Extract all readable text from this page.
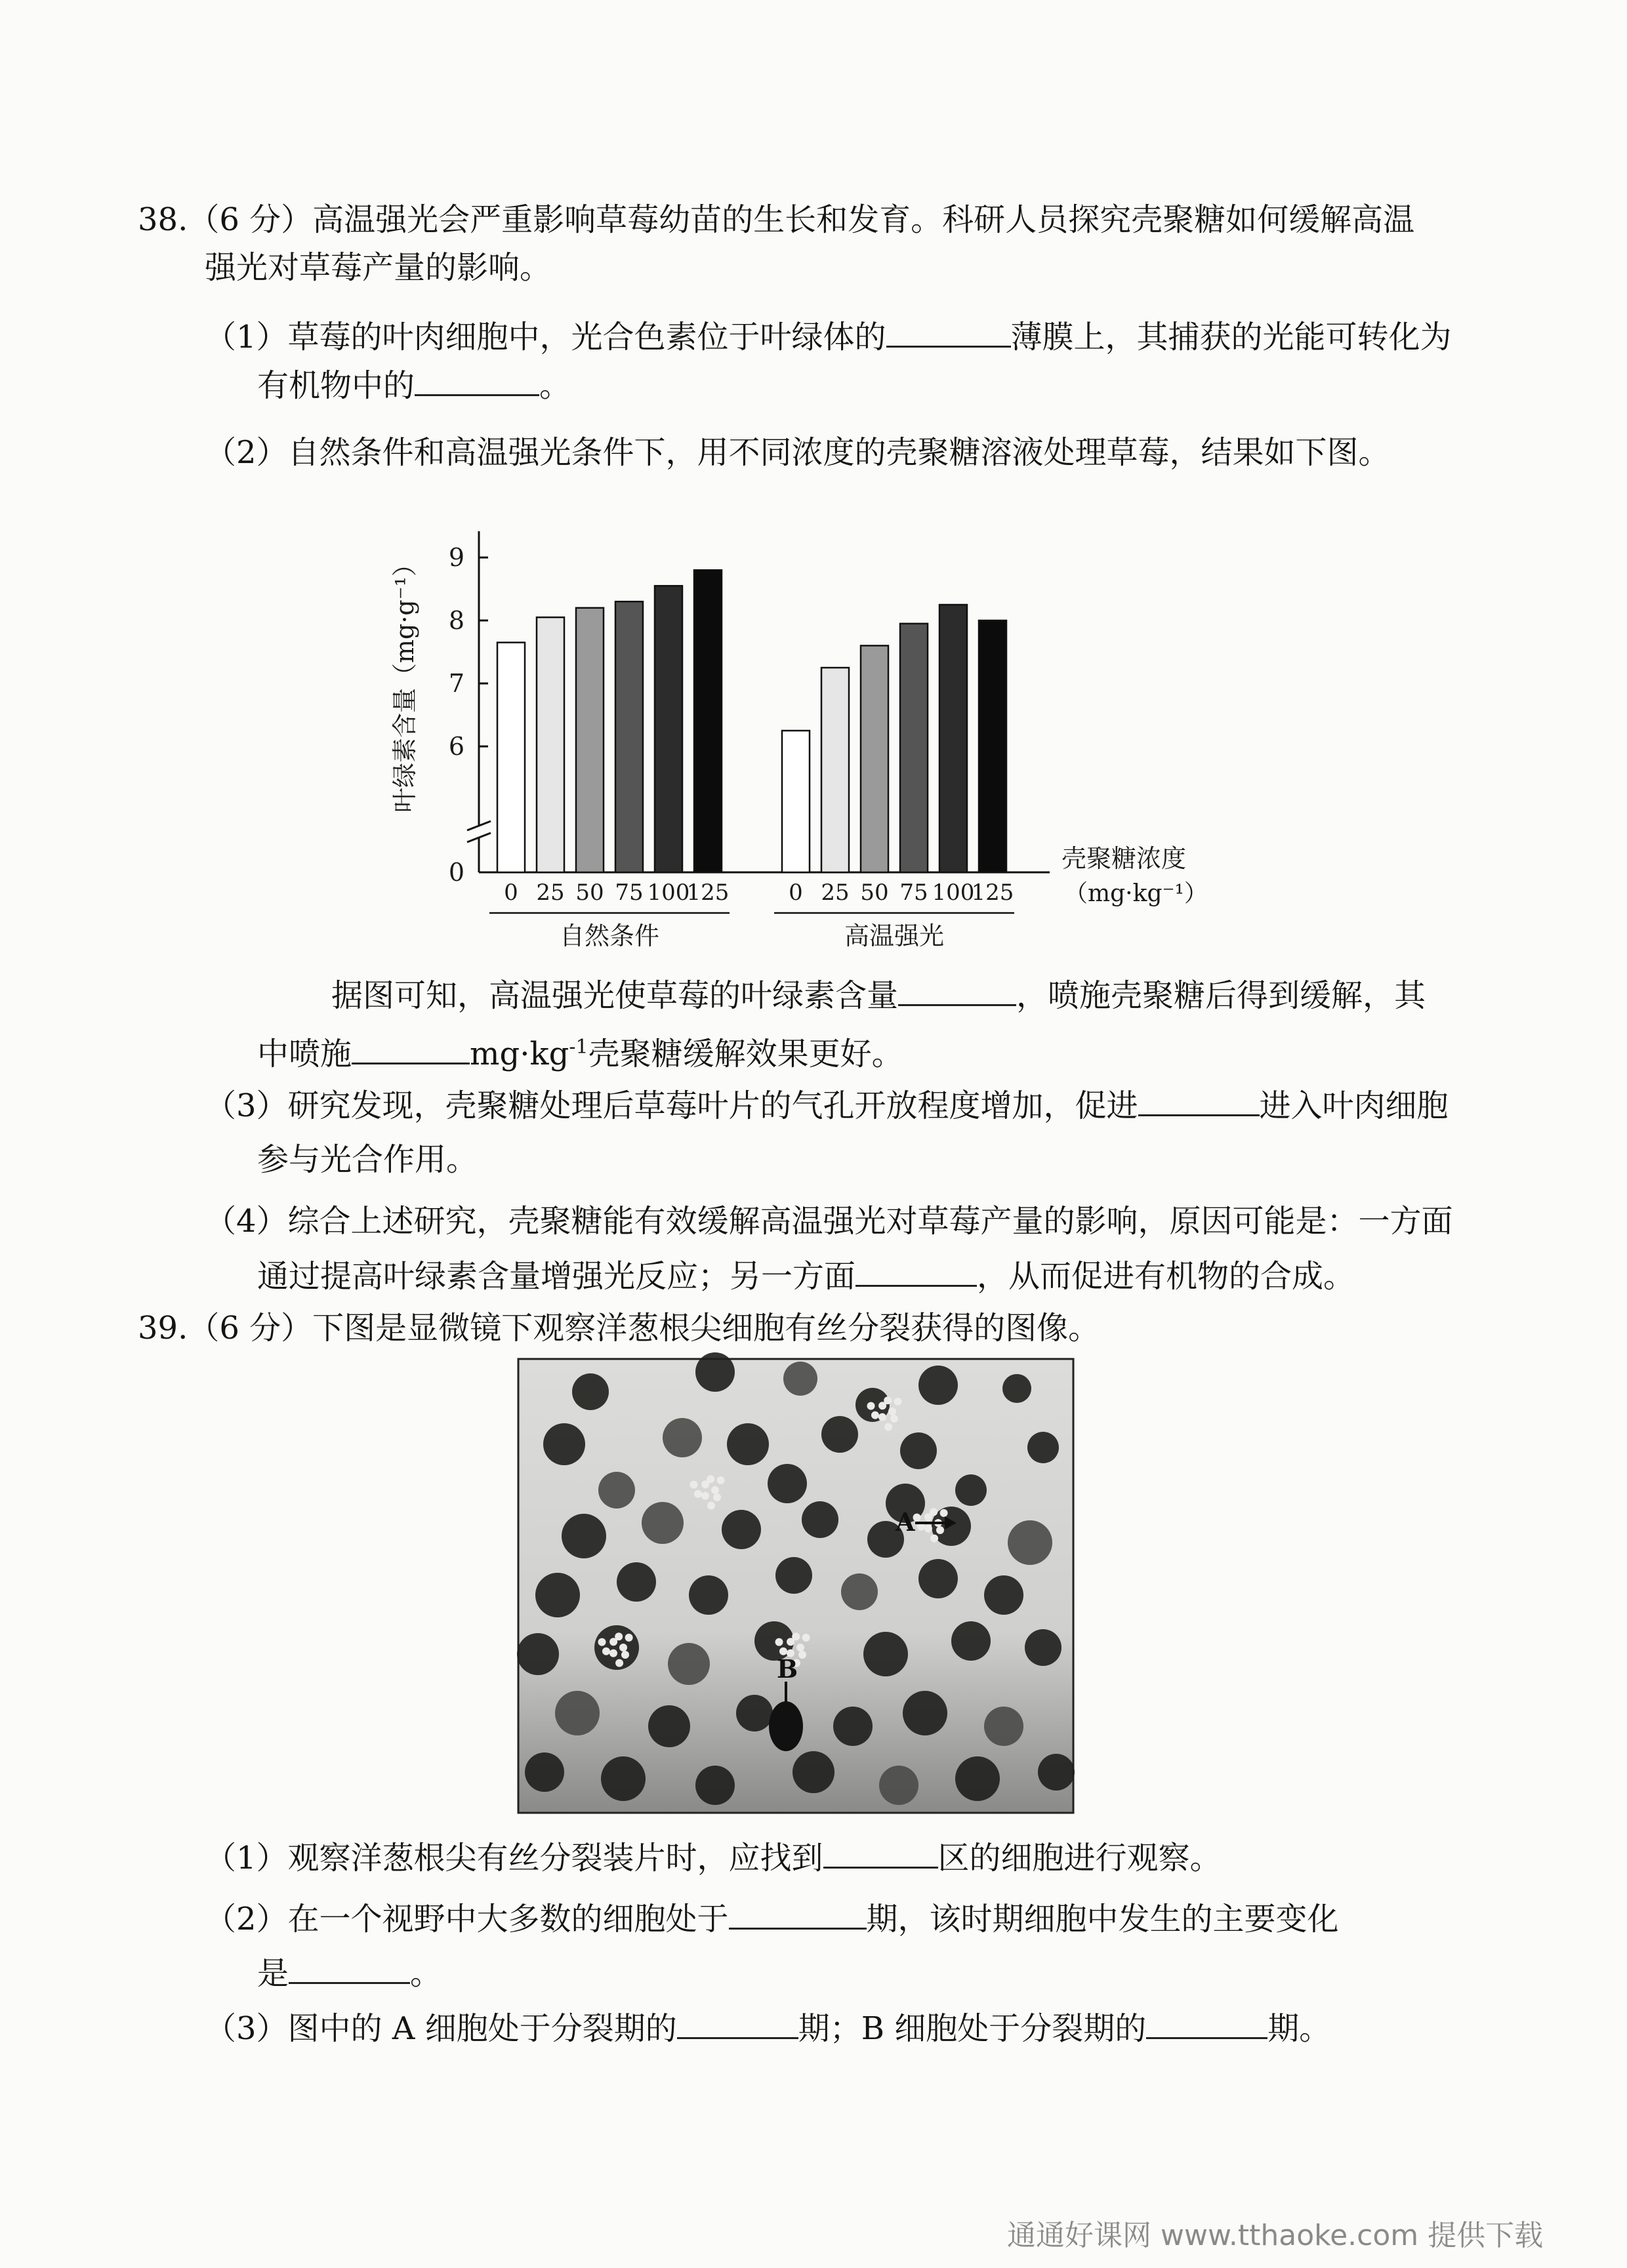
38.（6 分）高温强光会严重影响草莓幼苗的生长和发育。科研人员探究壳聚糖如何缓解高温
强光对草莓产量的影响。
（1）草莓的叶肉细胞中，光合色素位于叶绿体的	薄膜上，其捕获的光能可转化为
有机物中的	。
（2）自然条件和高温强光条件下，用不同浓度的壳聚糖溶液处理草莓，结果如下图。
叶绿素含量（mg·g⁻¹） 9
8
7
6
0
0 25 50 75 100
125
自然条件
0 25 50 75 100
125
高温强光
壳聚糖浓度
（mg·kg⁻¹）
据图可知，高温强光使草莓的叶绿素含量	，喷施壳聚糖后得到缓解，其
中喷施	$mg\cdot kg^{-1}$壳聚糖缓解效果更好。
（3）研究发现，壳聚糖处理后草莓叶片的气孔开放程度增加，促进	进入叶肉细胞
参与光合作用。
（4）综合上述研究，壳聚糖能有效缓解高温强光对草莓产量的影响，原因可能是：一方面
通过提高叶绿素含量增强光反应；另一方面	，从而促进有机物的合成。
39.（6 分）下图是显微镜下观察洋葱根尖细胞有丝分裂获得的图像。
A
B
（1）观察洋葱根尖有丝分裂装片时，应找到	区的细胞进行观察。
（2）在一个视野中大多数的细胞处于	期，该时期细胞中发生的主要变化
是	。
（3）图中的 A 细胞处于分裂期的	期；B 细胞处于分裂期的	期。
通通好课网 www.tthaoke.com 提供下载
